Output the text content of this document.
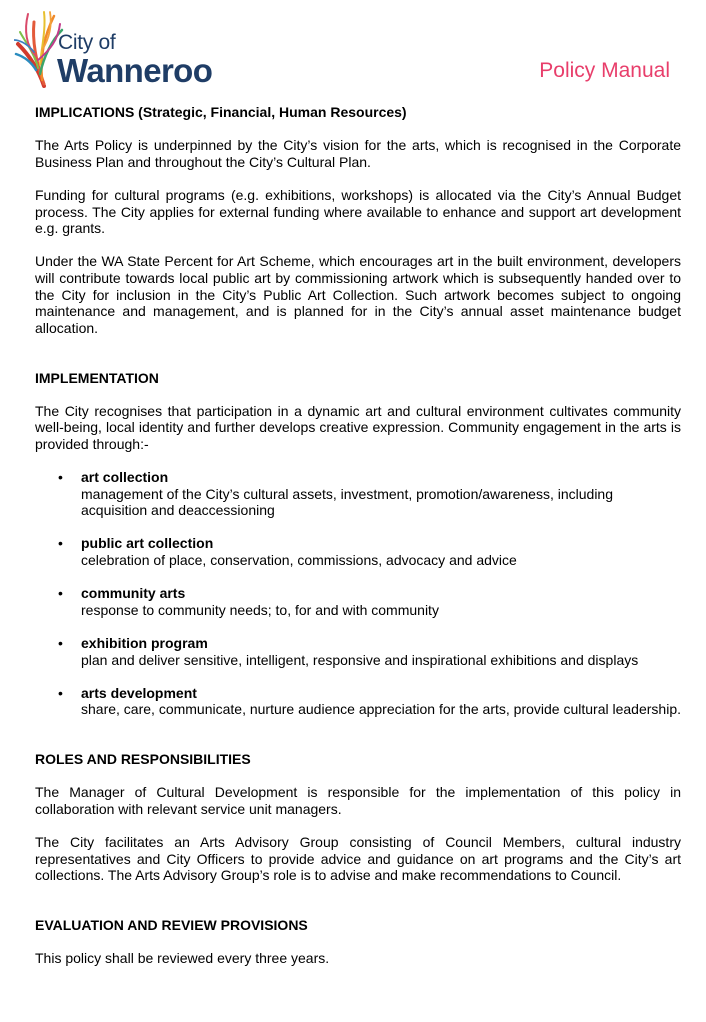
City of
Wanneroo	Policy Manual
IMPLICATIONS (Strategic, Financial, Human Resources)

The Arts Policy is underpinned by the City’s vision for the arts, which is recognised in the Corporate Business Plan and throughout the City’s Cultural Plan.

Funding for cultural programs (e.g. exhibitions, workshops) is allocated via the City’s Annual Budget process. The City applies for external funding where available to enhance and support art development e.g. grants.

Under the WA State Percent for Art Scheme, which encourages art in the built environment, developers will contribute towards local public art by commissioning artwork which is subsequently handed over to the City for inclusion in the City’s Public Art Collection. Such artwork becomes subject to ongoing maintenance and management, and is planned for in the City’s annual asset maintenance budget allocation.

IMPLEMENTATION

The City recognises that participation in a dynamic art and cultural environment cultivates community well-being, local identity and further develops creative expression. Community engagement in the arts is provided through:-

• art collection
management of the City’s cultural assets, investment, promotion/awareness, including acquisition and deaccessioning
• public art collection
celebration of place, conservation, commissions, advocacy and advice
• community arts
response to community needs; to, for and with community
• exhibition program
plan and deliver sensitive, intelligent, responsive and inspirational exhibitions and displays
• arts development
share, care, communicate, nurture audience appreciation for the arts, provide cultural leadership.
ROLES AND RESPONSIBILITIES

The Manager of Cultural Development is responsible for the implementation of this policy in collaboration with relevant service unit managers.

The City facilitates an Arts Advisory Group consisting of Council Members, cultural industry representatives and City Officers to provide advice and guidance on art programs and the City’s art collections. The Arts Advisory Group’s role is to advise and make recommendations to Council.

EVALUATION AND REVIEW PROVISIONS

This policy shall be reviewed every three years.
